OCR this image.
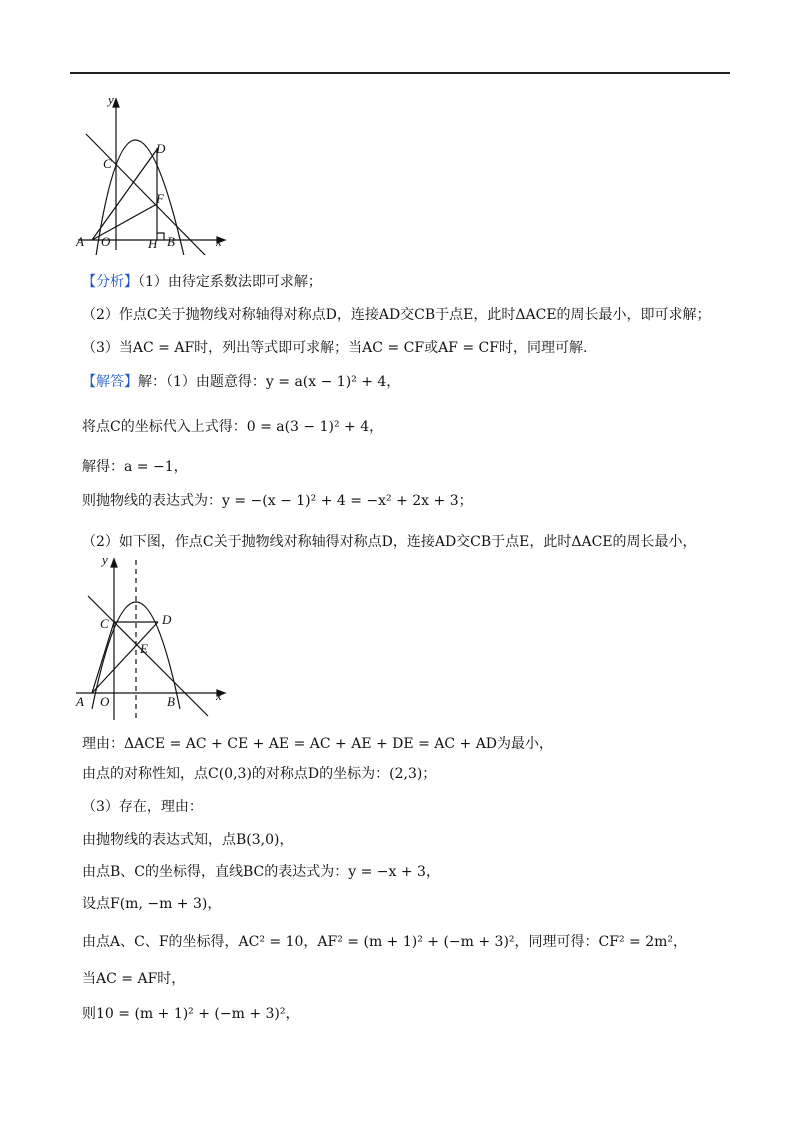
y
x
C
D
F
A O	H B
【分析】（1）由待定系数法即可求解；
（2）作点C关于抛物线对称轴得对称点D，连接AD交CB于点E，此时ΔACE的周长最小，即可求解；
（3）当AC = AF时，列出等式即可求解；当AC = CF或AF = CF时，同理可解.
【解答】解：（1）由题意得：y = a(x − 1)² + 4，
将点C的坐标代入上式得：0 = a(3 − 1)² + 4，
解得：a = −1，
则抛物线的表达式为：y = −(x − 1)² + 4 = −x² + 2x + 3；
（2）如下图，作点C关于抛物线对称轴得对称点D，连接AD交CB于点E，此时ΔACE的周长最小，
y
x
C	D
E
A O	B
理由：ΔACE = AC + CE + AE = AC + AE + DE = AC + AD为最小，
由点的对称性知，点C(0,3)的对称点D的坐标为：(2,3)；
（3）存在，理由：
由抛物线的表达式知，点B(3,0)，
由点B、C的坐标得，直线BC的表达式为：y = −x + 3，
设点F(m, −m + 3)，
由点A、C、F的坐标得，AC² = 10，AF² = (m + 1)² + (−m + 3)²，同理可得：CF² = 2m²，
当AC = AF时，
则10 = (m + 1)² + (−m + 3)²，
